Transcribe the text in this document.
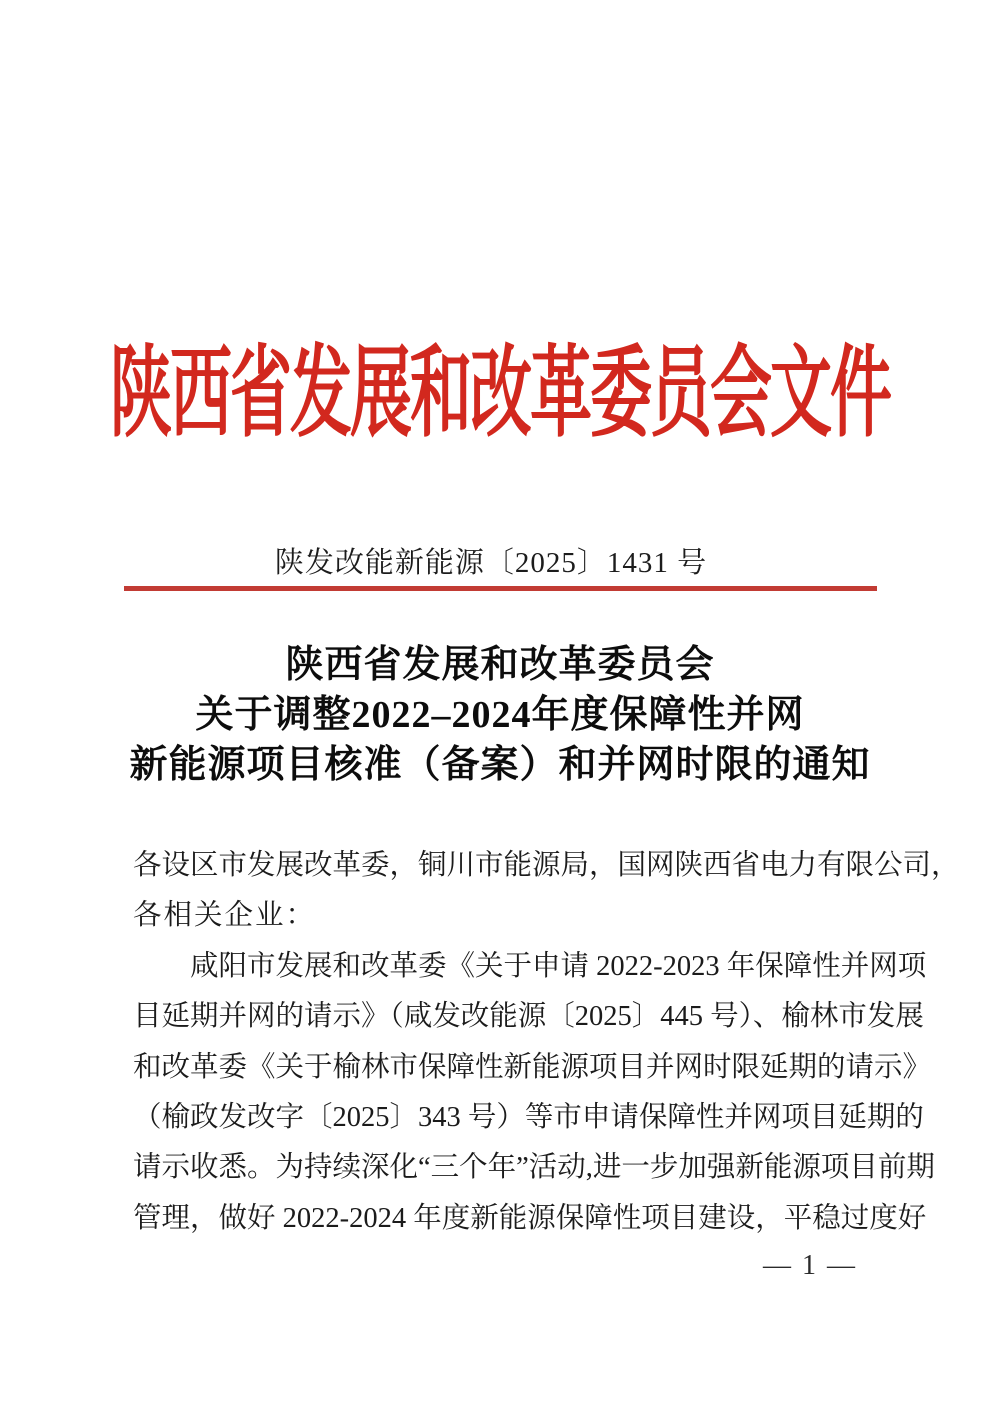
陕西省发展和改革委员会文件
陕发改能新能源〔2025〕1431 号
陕西省发展和改革委员会
关于调整2022–2024年度保障性并网
新能源项目核准（备案）和并网时限的通知
各设区市发展改革委，铜川市能源局，国网陕西省电力有限公司，
各相关企业：
咸阳市发展和改革委《关于申请 2022-2023 年保障性并网项
目延期并网的请示》（咸发改能源〔2025〕445 号）、榆林市发展
和改革委《关于榆林市保障性新能源项目并网时限延期的请示》
（榆政发改字〔2025〕343 号）等市申请保障性并网项目延期的
请示收悉。为持续深化“三个年”活动,进一步加强新能源项目前期
管理，做好 2022-2024 年度新能源保障性项目建设，平稳过度好
— 1 —
